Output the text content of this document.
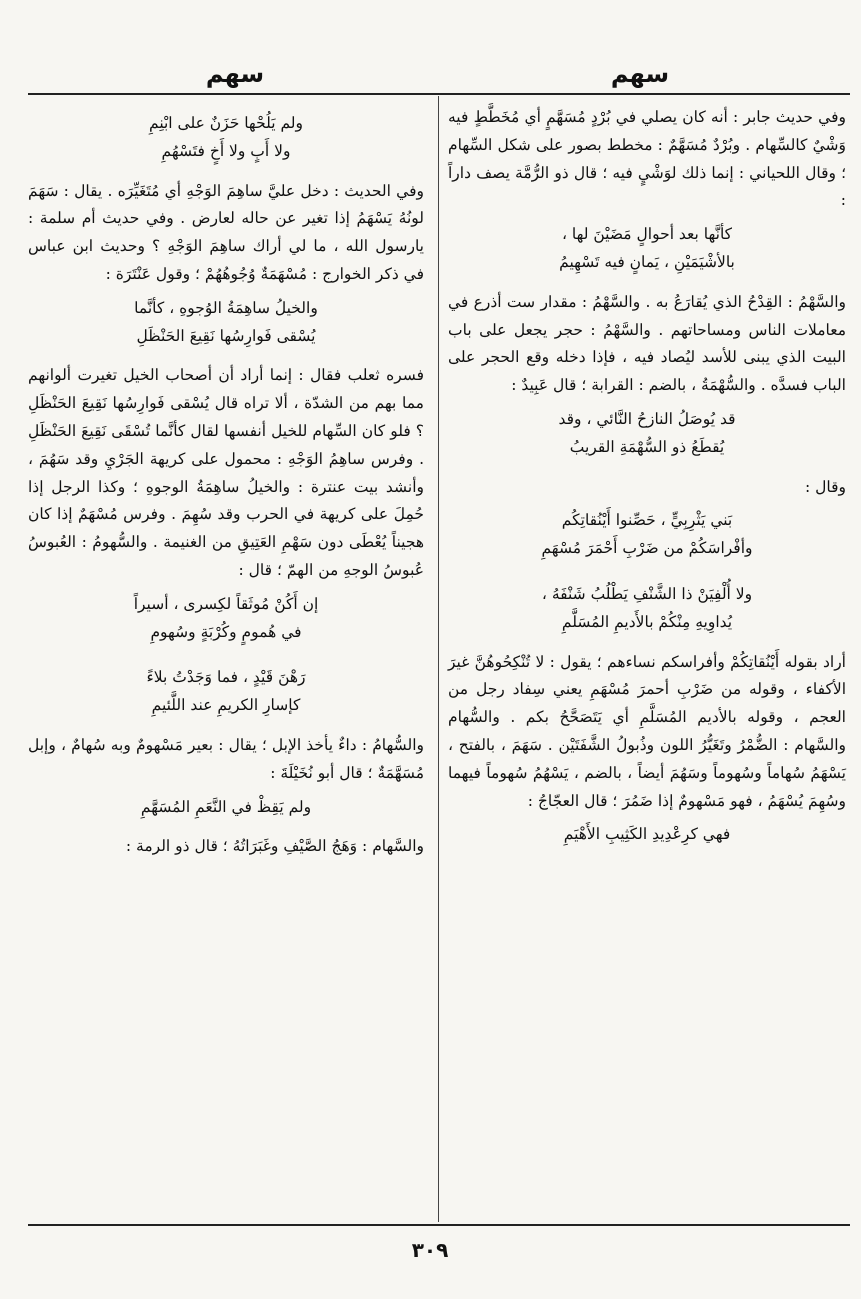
سهم
سهم

وفي حديث جابر : أنه كان يصلي في بُرْدٍ مُسَهَّمٍ أي مُخَطَّطٍ فيه وَشْيٌ كالسِّهام . وبُرْدٌ مُسَهَّمٌ : مخطط بصور على شكل السِّهام ؛ وقال اللحياني : إنما ذلك لوَشْيٍ فيه ؛ قال ذو الرُّمَّة يصف داراً :

كأنَّها بعد أحوالٍ مَضَيْنَ لها ،
بالأشْيَمَيْنِ ، يَمانٍ فيه تَسْهِيمُ

والسَّهْمُ : القِدْحُ الذي يُقارَعُ به . والسَّهْمُ : مقدار ست أذرع في معاملات الناس ومساحاتهم . والسَّهْمُ : حجر يجعل على باب البيت الذي يبنى للأسد ليُصاد فيه ، فإذا دخله وقع الحجر على الباب فسدَّه . والسُّهْمَةُ ، بالضم : القرابة ؛ قال عَبِيدٌ :

قد يُوصَلُ النازحُ النَّائي ، وقد
يُقطَعُ ذو السُّهْمَةِ القريبُ

وقال :

بَني يَثْرِبِيٍّ ، حَصِّنوا أَيْنُقاتِكُم
وأفْراسَكُمْ من ضَرْبِ أَحْمَرَ مُسْهَمِ
ولا أُلْفِيَنْ ذا الشَّنْفِ يَطْلُبُ شَنْفَهُ ،
يُداوِيهِ مِنْكُمْ بالأَديمِ المُسَلَّمِ

أراد بقوله أَيْنُقاتِكُمْ وأفراسكم نساءهم ؛ يقول : لا تُنْكِحُوهُنَّ غيرَ الأكفاء ، وقوله من ضَرْبِ أحمرَ مُسْهَمِ يعني سِفاد رجل من العجم ، وقوله بالأديم المُسَلَّمِ أي يَتَصَحَّحُ بكم . والسُّهام والسَّهام : الضُّمْرُ وتَغَيُّرُ اللون وذُبولُ الشَّفَتَيْن . سَهَمَ ، بالفتح ، يَسْهَمُ سُهاماً وسُهوماً وسَهُمَ أيضاً ، بالضم ، يَسْهُمُ سُهوماً فيهما وسُهِمَ يُسْهَمُ ، فهو مَسْهومٌ إذا ضَمُرَ ؛ قال العجّاجُ :

فهي كرِعْدِيدِ الكَثِيبِ الأَهْيَمِ
ولم يَلُحْها حَزَنٌ على ابْنِمِ
ولا أَبٍ ولا أَخٍ فتَسْهُمِ

وفي الحديث : دخل عليَّ ساهِمَ الوَجْهِ أي مُتَغَيِّرَه . يقال : سَهَمَ لونُهُ يَسْهَمُ إذا تغير عن حاله لعارض . وفي حديث أم سلمة : يارسول الله ، ما لي أراك ساهِمَ الوَجْهِ ؟ وحديث ابن عباس في ذكر الخوارج : مُسْهَمَةٌ وُجُوهُهُمْ ؛ وقول عَنْتَرَة :

والخيلُ ساهِمَةُ الوُجوهِ ، كأنَّما
يُسْقى فَوارِسُها نَقِيعَ الحَنْظَلِ

فسره ثعلب فقال : إنما أراد أن أصحاب الخيل تغيرت ألوانهم مما بهم من الشدّة ، ألا تراه قال يُسْقى فَوارِسُها نَقِيعَ الحَنْظَلِ ؟ فلو كان السِّهام للخيل أنفسها لقال كأنَّما تُسْقَى نَقِيعَ الحَنْظَلِ . وفرس ساهِمُ الوَجْهِ : محمول على كريهة الجَرْيِ وقد سَهُمَ ، وأنشد بيت عنترة : والخيلُ ساهِمَةُ الوجوهِ ؛ وكذا الرجل إذا حُمِلَ على كريهة في الحرب وقد سُهِمَ . وفرس مُسْهَمٌ إذا كان هجيناً يُعْطَى دون سَهْمِ العَتِيقِ من الغنيمة . والسُّهومُ : العُبوسُ عُبوسُ الوجهِ من الهمّ ؛ قال :

إن أَكُنْ مُوثَقاً لكِسرى ، أسيراً
في هُمومٍ وكُرْبَةٍ وسُهومِ
رَهْنَ قَيْدٍ ، فما وَجَدْتُ بلاءً
كإسارِ الكريمِ عند اللَّئيمِ

والسُّهامُ : داءٌ يأخذ الإبل ؛ يقال : بعير مَسْهومٌ وبه سُهامٌ ، وإبل مُسَهَّمَةٌ ؛ قال أبو نُخَيْلَةَ :

ولم يَقِظْ في النَّعَمِ المُسَهَّمِ

والسَّهام : وَهَجُ الصَّيْفِ وغَبَرَاتُهُ ؛ قال ذو الرمة :

٣٠٩
